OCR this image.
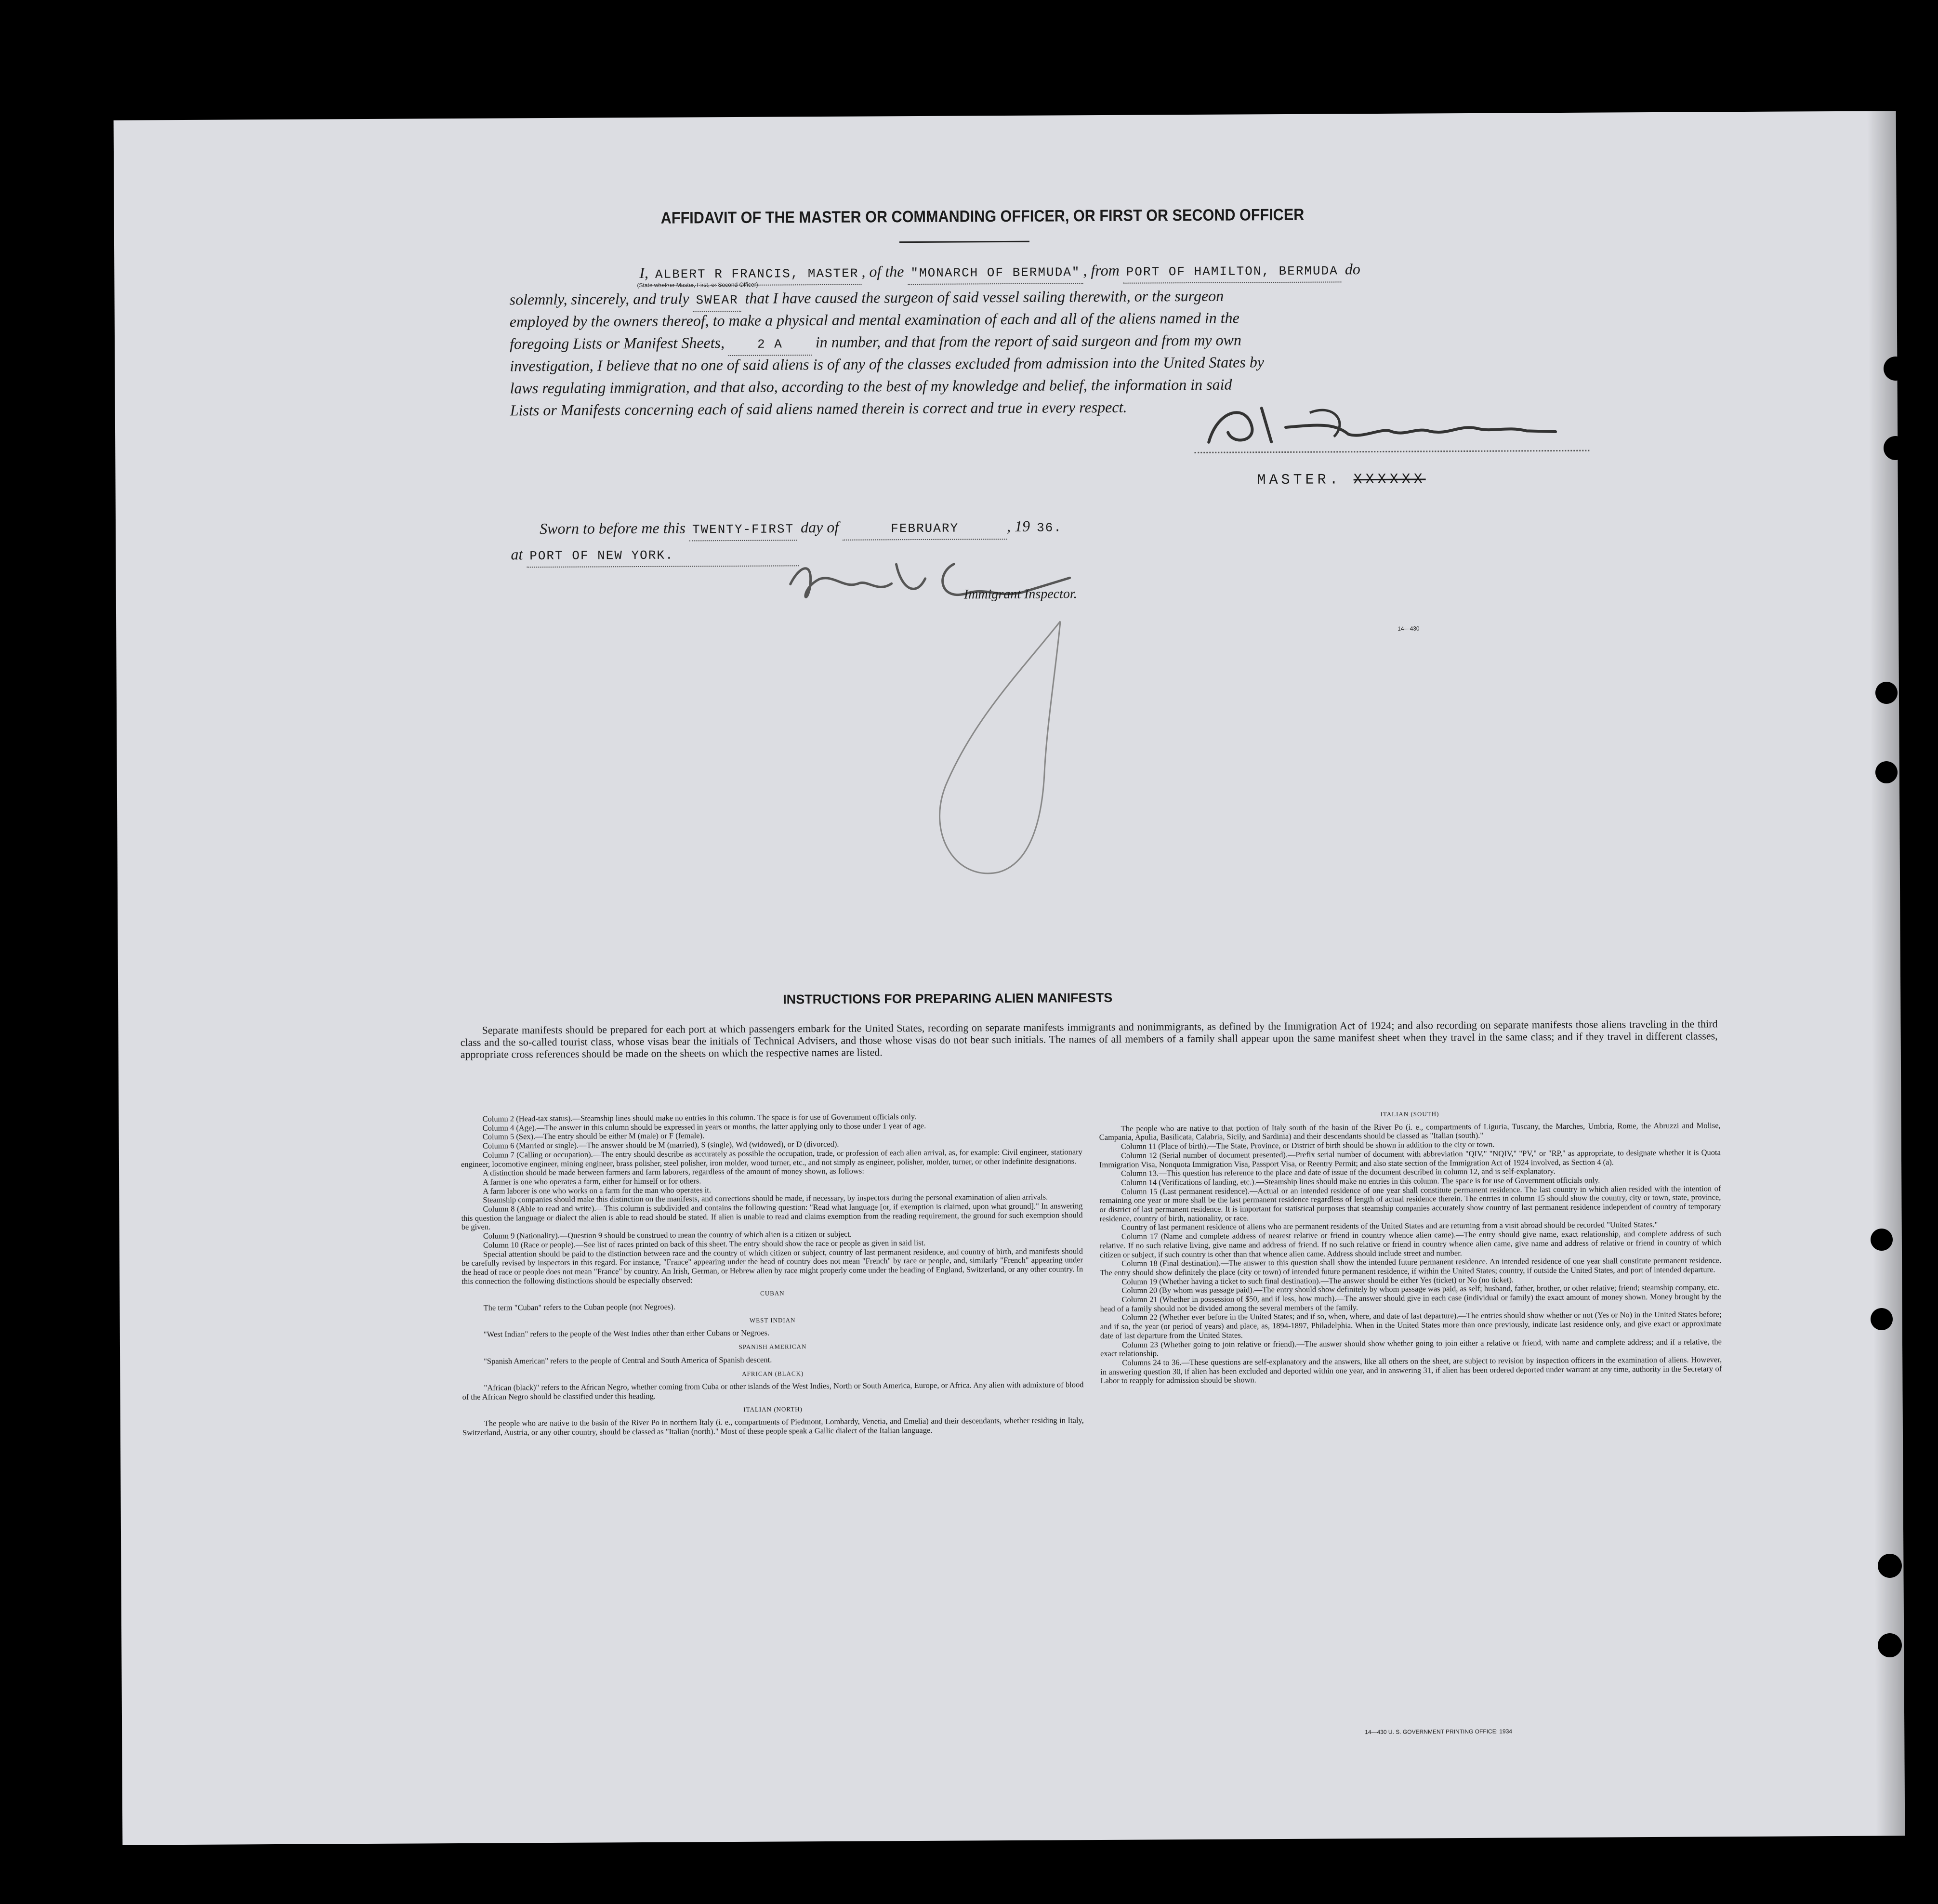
AFFIDAVIT OF THE MASTER OR COMMANDING OFFICER, OR FIRST OR SECOND OFFICER
I, ALBERT R FRANCIS, MASTER , of the "MONARCH OF BERMUDA" , from PORT OF HAMILTON, BERMUDA do
(State whether Master, First, or Second Officer)
solemnly, sincerely, and truly SWEAR that I have caused the surgeon of said vessel sailing therewith, or the surgeon
employed by the owners thereof, to make a physical and mental examination of each and all of the aliens named in the
foregoing Lists or Manifest Sheets,	2 A in number, and that from the report of said surgeon and from my own
investigation, I believe that no one of said aliens is of any of the classes excluded from admission into the United States by
laws regulating immigration, and that also, according to the best of my knowledge and belief, the information in said
Lists or Manifests concerning each of said aliens named therein is correct and true in every respect.
MASTER. XXXXXX
Sworn to before me this TWENTY-FIRST day of	FEBRUARY	, 19 36.
at PORT OF NEW YORK.
Immigrant Inspector.
14—430
INSTRUCTIONS FOR PREPARING ALIEN MANIFESTS
Separate manifests should be prepared for each port at which passengers embark for the United States, recording on separate manifests immigrants and nonimmigrants, as defined by the Immigration Act of 1924; and also recording on separate manifests those aliens traveling in the third class and the so-called tourist class, whose visas bear the initials of Technical Advisers, and those whose visas do not bear such initials. The names of all members of a family shall appear upon the same manifest sheet when they travel in the same class; and if they travel in different classes, appropriate cross references should be made on the sheets on which the respective names are listed.

Column 2 (Head-tax status).—Steamship lines should make no entries in this column. The space is for use of Government officials only.

Column 4 (Age).—The answer in this column should be expressed in years or months, the latter applying only to those under 1 year of age.

Column 5 (Sex).—The entry should be either M (male) or F (female).

Column 6 (Married or single).—The answer should be M (married), S (single), Wd (widowed), or D (divorced).

Column 7 (Calling or occupation).—The entry should describe as accurately as possible the occupation, trade, or profession of each alien arrival, as, for example: Civil engineer, stationary engineer, locomotive engineer, mining engineer, brass polisher, steel polisher, iron molder, wood turner, etc., and not simply as engineer, polisher, molder, turner, or other indefinite designations.

A distinction should be made between farmers and farm laborers, regardless of the amount of money shown, as follows:

A farmer is one who operates a farm, either for himself or for others.

A farm laborer is one who works on a farm for the man who operates it.

Steamship companies should make this distinction on the manifests, and corrections should be made, if necessary, by inspectors during the personal examination of alien arrivals.

Column 8 (Able to read and write).—This column is subdivided and contains the following question: "Read what language [or, if exemption is claimed, upon what ground]." In answering this question the language or dialect the alien is able to read should be stated. If alien is unable to read and claims exemption from the reading requirement, the ground for such exemption should be given.

Column 9 (Nationality).—Question 9 should be construed to mean the country of which alien is a citizen or subject.

Column 10 (Race or people).—See list of races printed on back of this sheet. The entry should show the race or people as given in said list.

Special attention should be paid to the distinction between race and the country of which citizen or subject, country of last permanent residence, and country of birth, and manifests should be carefully revised by inspectors in this regard. For instance, "France" appearing under the head of country does not mean "French" by race or people, and, similarly "French" appearing under the head of race or people does not mean "France" by country. An Irish, German, or Hebrew alien by race might properly come under the heading of England, Switzerland, or any other country. In this connection the following distinctions should be especially observed:

CUBAN

The term "Cuban" refers to the Cuban people (not Negroes).

WEST INDIAN

"West Indian" refers to the people of the West Indies other than either Cubans or Negroes.

SPANISH AMERICAN

"Spanish American" refers to the people of Central and South America of Spanish descent.

AFRICAN (BLACK)

"African (black)" refers to the African Negro, whether coming from Cuba or other islands of the West Indies, North or South America, Europe, or Africa. Any alien with admixture of blood of the African Negro should be classified under this heading.

ITALIAN (NORTH)

The people who are native to the basin of the River Po in northern Italy (i. e., compartments of Piedmont, Lombardy, Venetia, and Emelia) and their descendants, whether residing in Italy, Switzerland, Austria, or any other country, should be classed as "Italian (north)." Most of these people speak a Gallic dialect of the Italian language.

ITALIAN (SOUTH)

The people who are native to that portion of Italy south of the basin of the River Po (i. e., compartments of Liguria, Tuscany, the Marches, Umbria, Rome, the Abruzzi and Molise, Campania, Apulia, Basilicata, Calabria, Sicily, and Sardinia) and their descendants should be classed as "Italian (south)."

Column 11 (Place of birth).—The State, Province, or District of birth should be shown in addition to the city or town.

Column 12 (Serial number of document presented).—Prefix serial number of document with abbreviation "QIV," "NQIV," "PV," or "RP," as appropriate, to designate whether it is Quota Immigration Visa, Nonquota Immigration Visa, Passport Visa, or Reentry Permit; and also state section of the Immigration Act of 1924 involved, as Section 4 (a).

Column 13.—This question has reference to the place and date of issue of the document described in column 12, and is self-explanatory.

Column 14 (Verifications of landing, etc.).—Steamship lines should make no entries in this column. The space is for use of Government officials only.

Column 15 (Last permanent residence).—Actual or an intended residence of one year shall constitute permanent residence. The last country in which alien resided with the intention of remaining one year or more shall be the last permanent residence regardless of length of actual residence therein. The entries in column 15 should show the country, city or town, state, province, or district of last permanent residence. It is important for statistical purposes that steamship companies accurately show country of last permanent residence independent of country of temporary residence, country of birth, nationality, or race.

Country of last permanent residence of aliens who are permanent residents of the United States and are returning from a visit abroad should be recorded "United States."

Column 17 (Name and complete address of nearest relative or friend in country whence alien came).—The entry should give name, exact relationship, and complete address of such relative. If no such relative living, give name and address of friend. If no such relative or friend in country whence alien came, give name and address of relative or friend in country of which citizen or subject, if such country is other than that whence alien came. Address should include street and number.

Column 18 (Final destination).—The answer to this question shall show the intended future permanent residence. An intended residence of one year shall constitute permanent residence. The entry should show definitely the place (city or town) of intended future permanent residence, if within the United States; country, if outside the United States, and port of intended departure.

Column 19 (Whether having a ticket to such final destination).—The answer should be either Yes (ticket) or No (no ticket).

Column 20 (By whom was passage paid).—The entry should show definitely by whom passage was paid, as self; husband, father, brother, or other relative; friend; steamship company, etc.

Column 21 (Whether in possession of $50, and if less, how much).—The answer should give in each case (individual or family) the exact amount of money shown. Money brought by the head of a family should not be divided among the several members of the family.

Column 22 (Whether ever before in the United States; and if so, when, where, and date of last departure).—The entries should show whether or not (Yes or No) in the United States before; and if so, the year (or period of years) and place, as, 1894-1897, Philadelphia. When in the United States more than once previously, indicate last residence only, and give exact or approximate date of last departure from the United States.

Column 23 (Whether going to join relative or friend).—The answer should show whether going to join either a relative or friend, with name and complete address; and if a relative, the exact relationship.

Columns 24 to 36.—These questions are self-explanatory and the answers, like all others on the sheet, are subject to revision by inspection officers in the examination of aliens. However, in answering question 30, if alien has been excluded and deported within one year, and in answering 31, if alien has been ordered deported under warrant at any time, authority in the Secretary of Labor to reapply for admission should be shown.

14—430 U. S. GOVERNMENT PRINTING OFFICE: 1934
